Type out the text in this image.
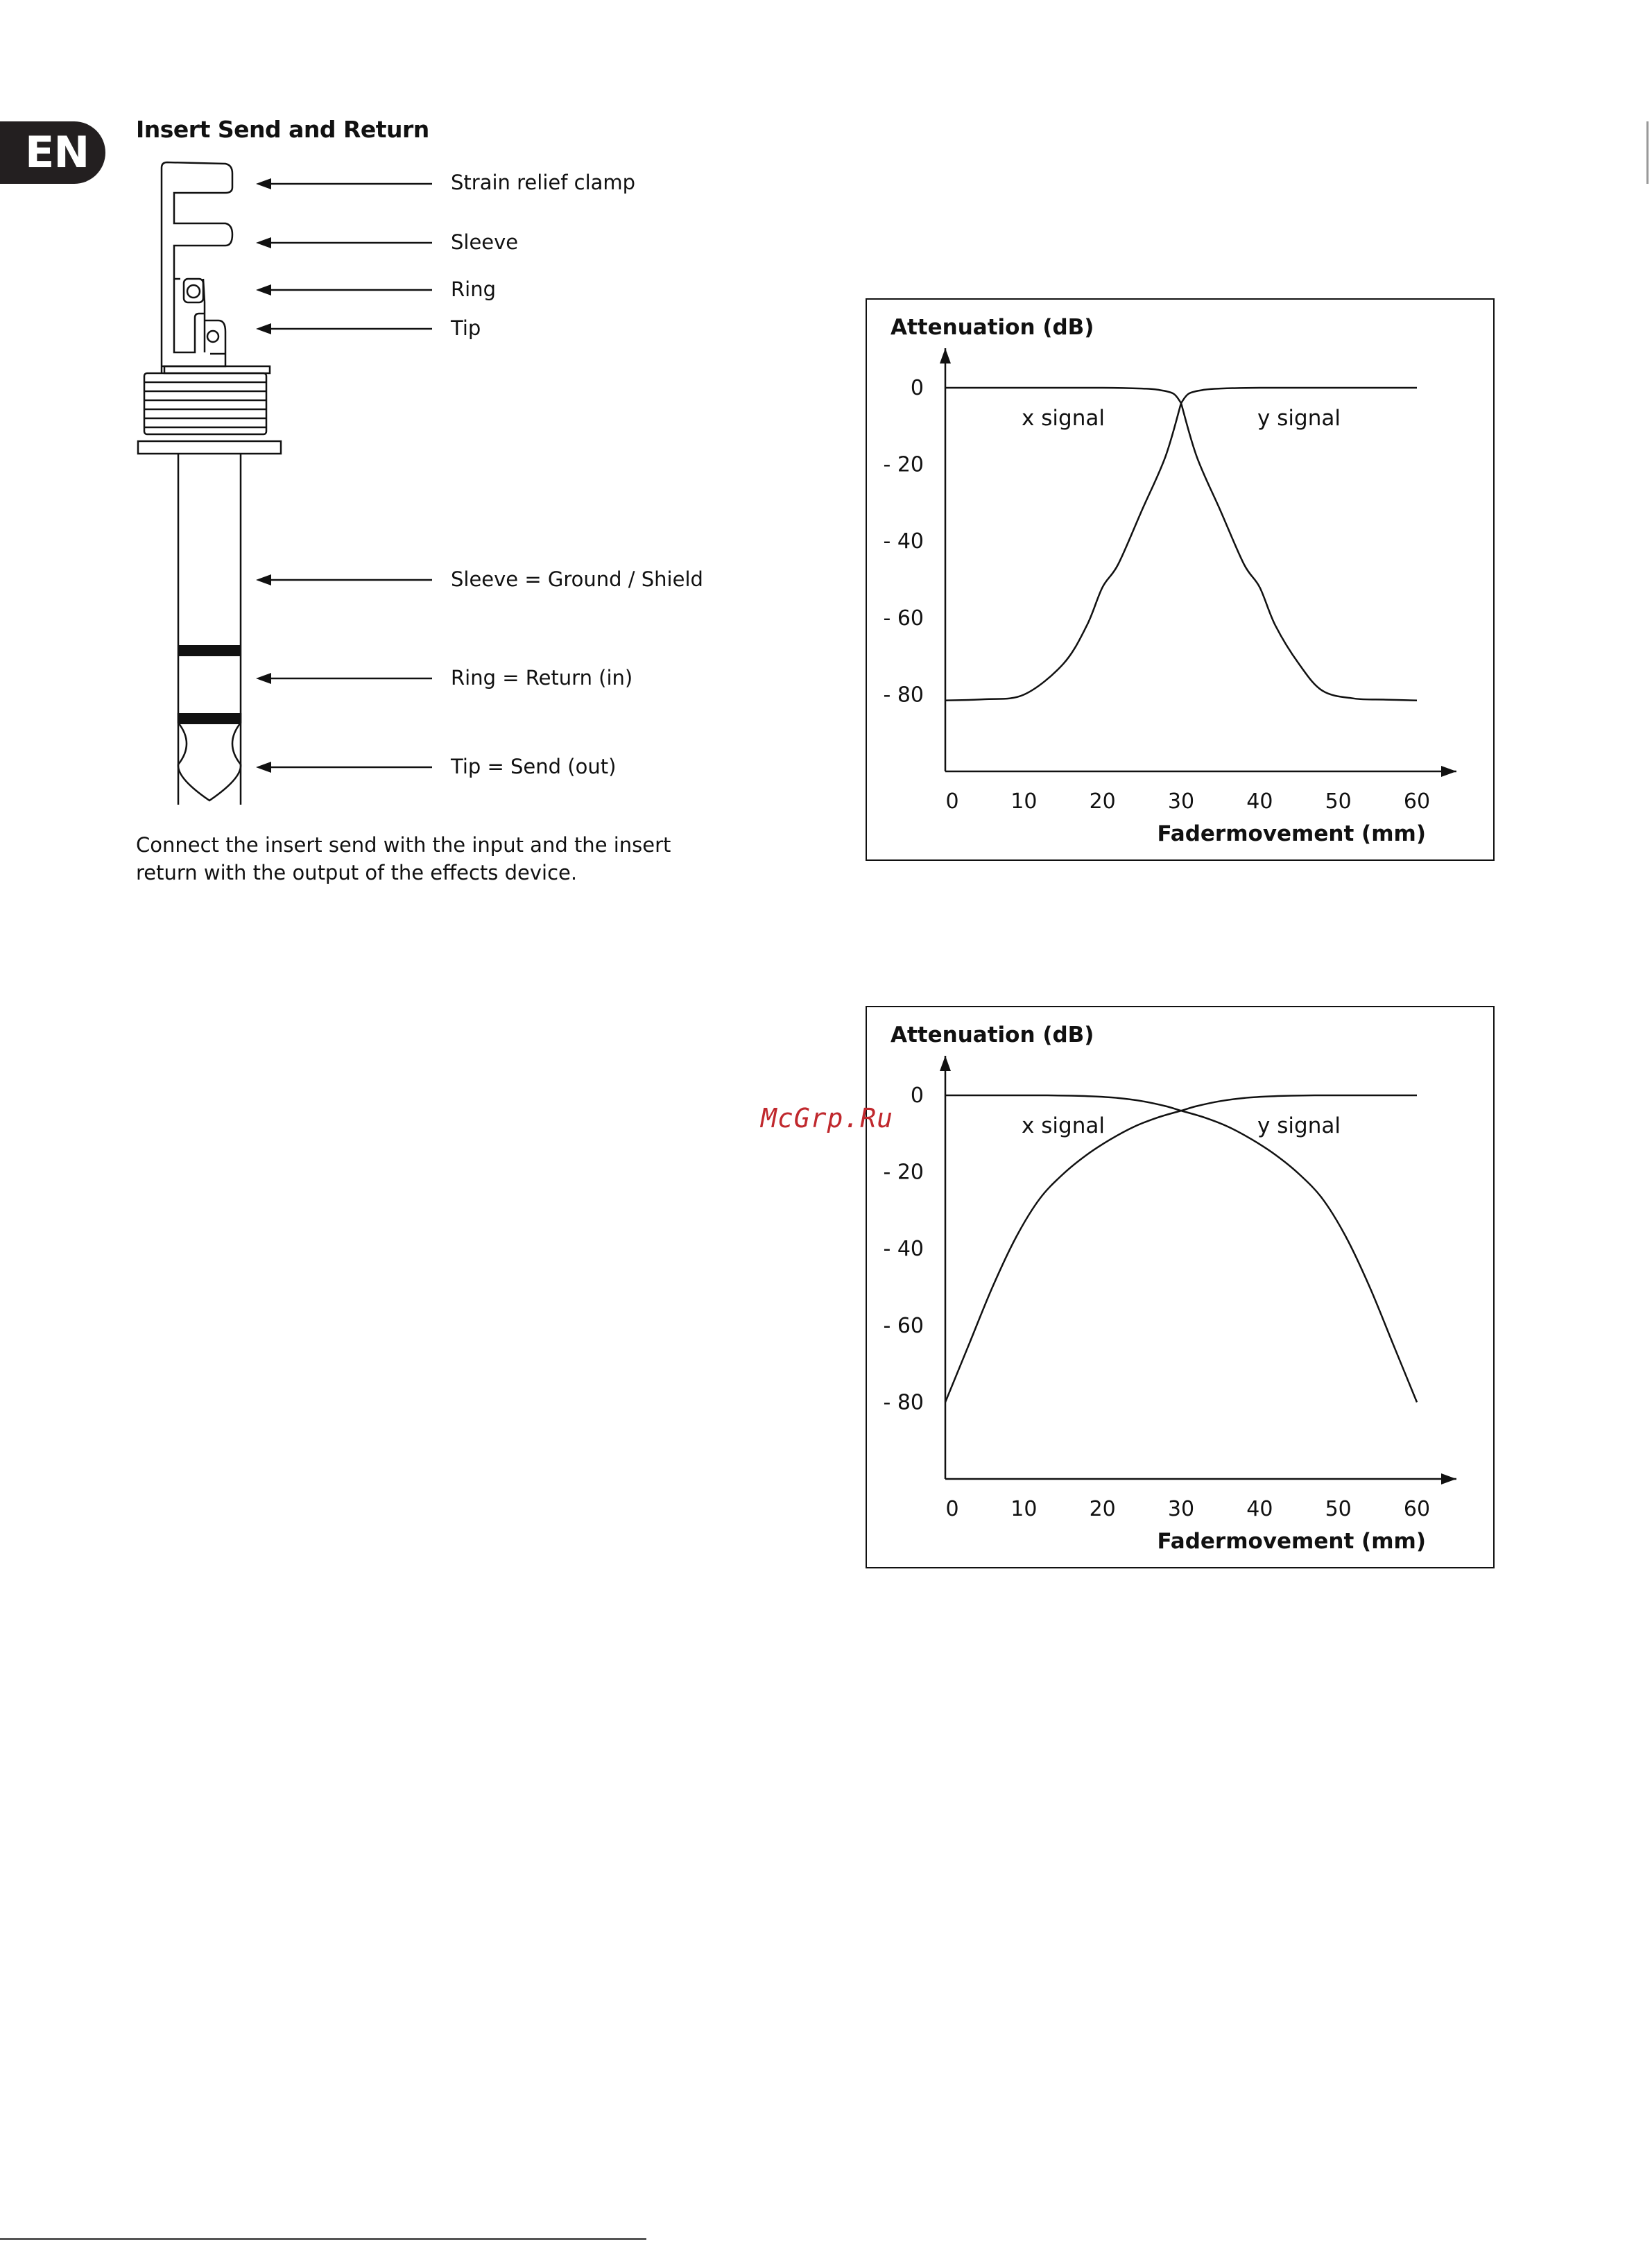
EN	Insert Send and Return
Strain relief clamp
Sleeve
Ring
Tip
Sleeve = Ground / Shield
Ring = Return (in)
Tip = Send (out)

Connect the insert send with the input and the insert return with the output of the effects device.

Attenuation (dB)
Fadermovement (mm)
0
- 20
- 40
- 60
- 80
0 10	20	30	40	50	60
x signal	y signal
Attenuation (dB)
Fadermovement (mm)
0
- 20
- 40
- 60
- 80
0 10	20	30	40	50	60
x signal	y signal
McGrp.Ru
